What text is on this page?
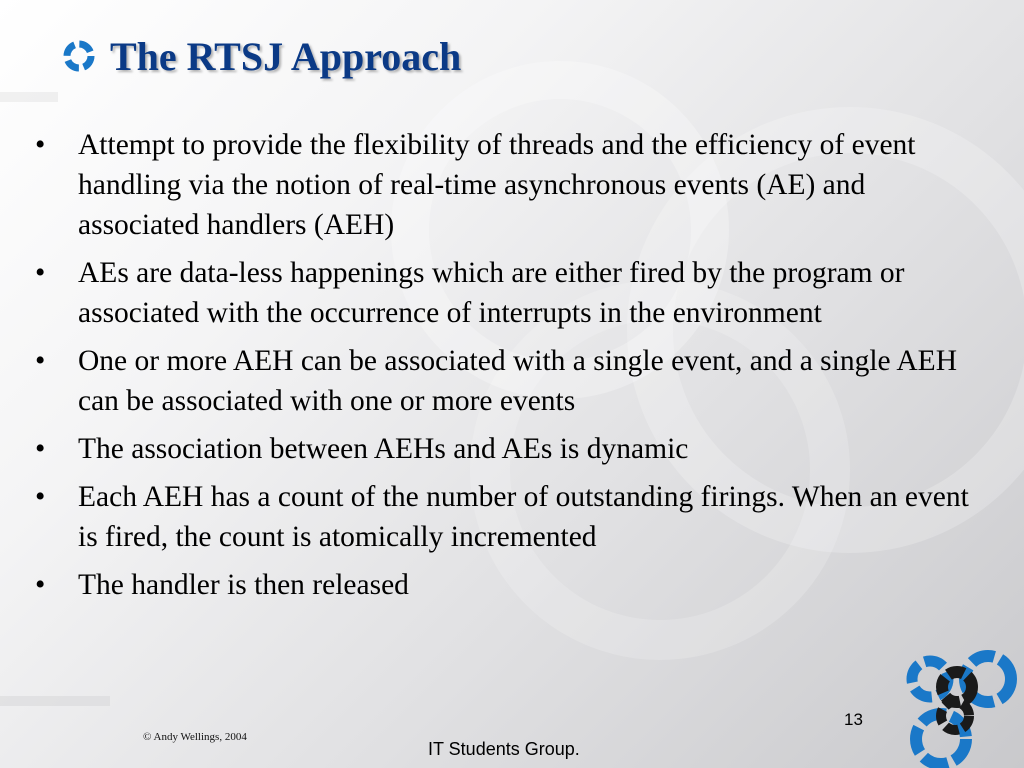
The RTSJ Approach
•	Attempt to provide the flexibility of threads and the efficiency of event handling via the notion of real-time asynchronous events (AE) and associated handlers (AEH)
•	AEs are data-less happenings which are either fired by the program or associated with the occurrence of interrupts in the environment
•	One or more AEH can be associated with a single event, and a single AEH can be associated with one or more events
•	The association between AEHs and AEs is dynamic
•	Each AEH has a count of the number of outstanding firings. When an event is fired, the count is atomically incremented
•	The handler is then released
© Andy Wellings, 2004
13
IT Students Group.
